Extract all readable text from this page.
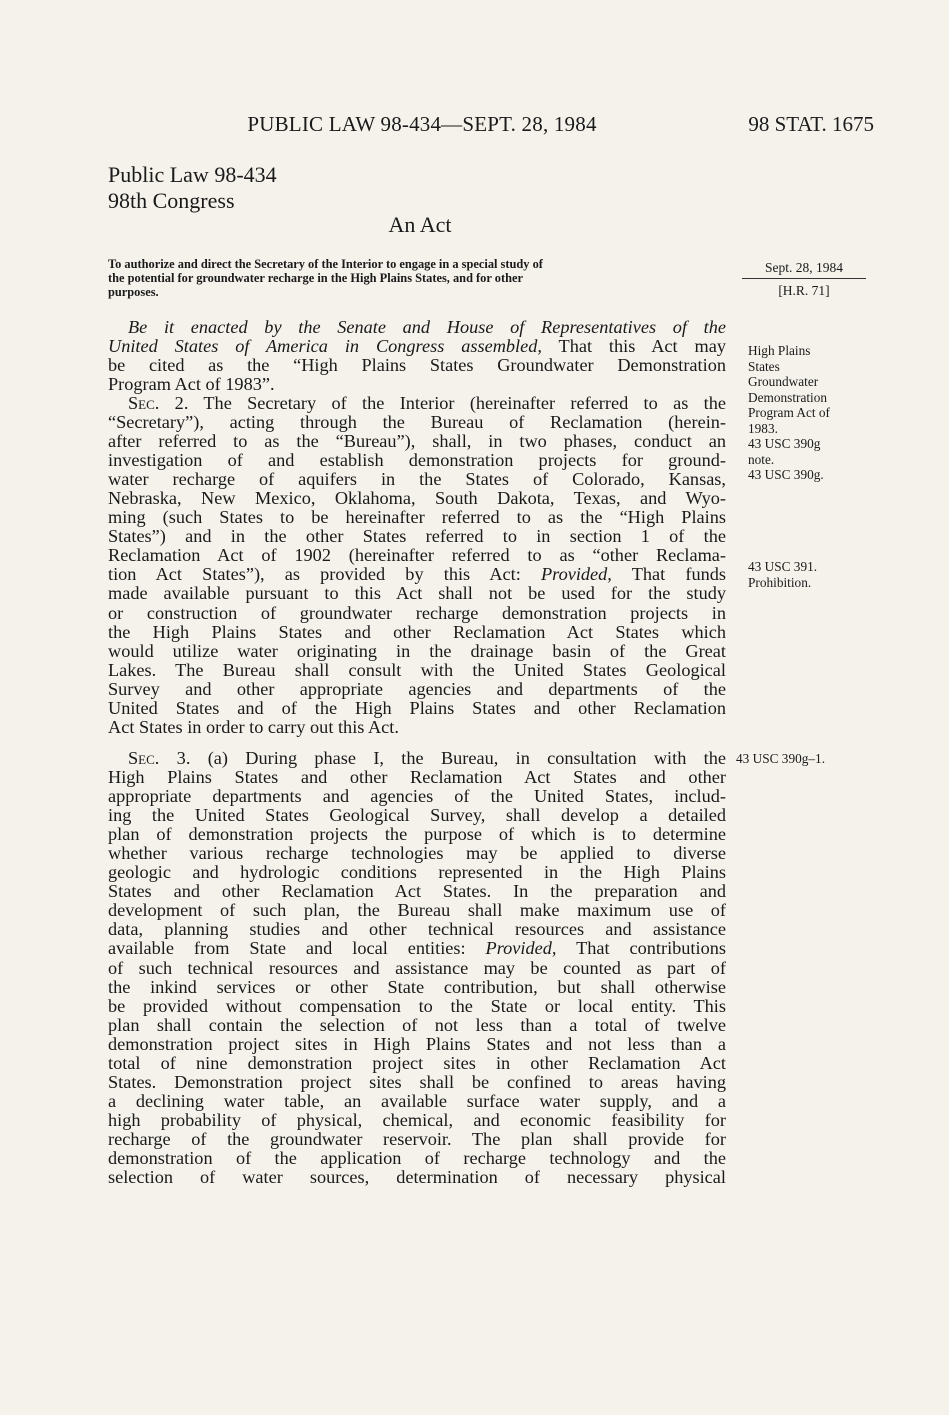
PUBLIC LAW 98-434—SEPT. 28, 1984	98 STAT. 1675
Public Law 98-434
98th Congress
An Act
To authorize and direct the Secretary of the Interior to engage in a special study of
the potential for groundwater recharge in the High Plains States, and for other
purposes.
Sept. 28, 1984
[H.R. 71]
Be it enacted by the Senate and House of Representatives of the
United States of America in Congress assembled, That this Act may
be cited as the “High Plains States Groundwater Demonstration
Program Act of 1983”.
Sec. 2. The Secretary of the Interior (hereinafter referred to as the
“Secretary”), acting through the Bureau of Reclamation (herein-
after referred to as the “Bureau”), shall, in two phases, conduct an
investigation of and establish demonstration projects for ground-
water recharge of aquifers in the States of Colorado, Kansas,
Nebraska, New Mexico, Oklahoma, South Dakota, Texas, and Wyo-
ming (such States to be hereinafter referred to as the “High Plains
States”) and in the other States referred to in section 1 of the
Reclamation Act of 1902 (hereinafter referred to as “other Reclama-
tion Act States”), as provided by this Act: Provided, That funds
made available pursuant to this Act shall not be used for the study
or construction of groundwater recharge demonstration projects in
the High Plains States and other Reclamation Act States which
would utilize water originating in the drainage basin of the Great
Lakes. The Bureau shall consult with the United States Geological
Survey and other appropriate agencies and departments of the
United States and of the High Plains States and other Reclamation
Act States in order to carry out this Act.
Sec. 3. (a) During phase I, the Bureau, in consultation with the
High Plains States and other Reclamation Act States and other
appropriate departments and agencies of the United States, includ-
ing the United States Geological Survey, shall develop a detailed
plan of demonstration projects the purpose of which is to determine
whether various recharge technologies may be applied to diverse
geologic and hydrologic conditions represented in the High Plains
States and other Reclamation Act States. In the preparation and
development of such plan, the Bureau shall make maximum use of
data, planning studies and other technical resources and assistance
available from State and local entities: Provided, That contributions
of such technical resources and assistance may be counted as part of
the inkind services or other State contribution, but shall otherwise
be provided without compensation to the State or local entity. This
plan shall contain the selection of not less than a total of twelve
demonstration project sites in High Plains States and not less than a
total of nine demonstration project sites in other Reclamation Act
States. Demonstration project sites shall be confined to areas having
a declining water table, an available surface water supply, and a
high probability of physical, chemical, and economic feasibility for
recharge of the groundwater reservoir. The plan shall provide for
demonstration of the application of recharge technology and the
selection of water sources, determination of necessary physical
High Plains
States
Groundwater
Demonstration
Program Act of
1983.
43 USC 390g
note.
43 USC 390g.
43 USC 391.
Prohibition.
43 USC 390g–1.
